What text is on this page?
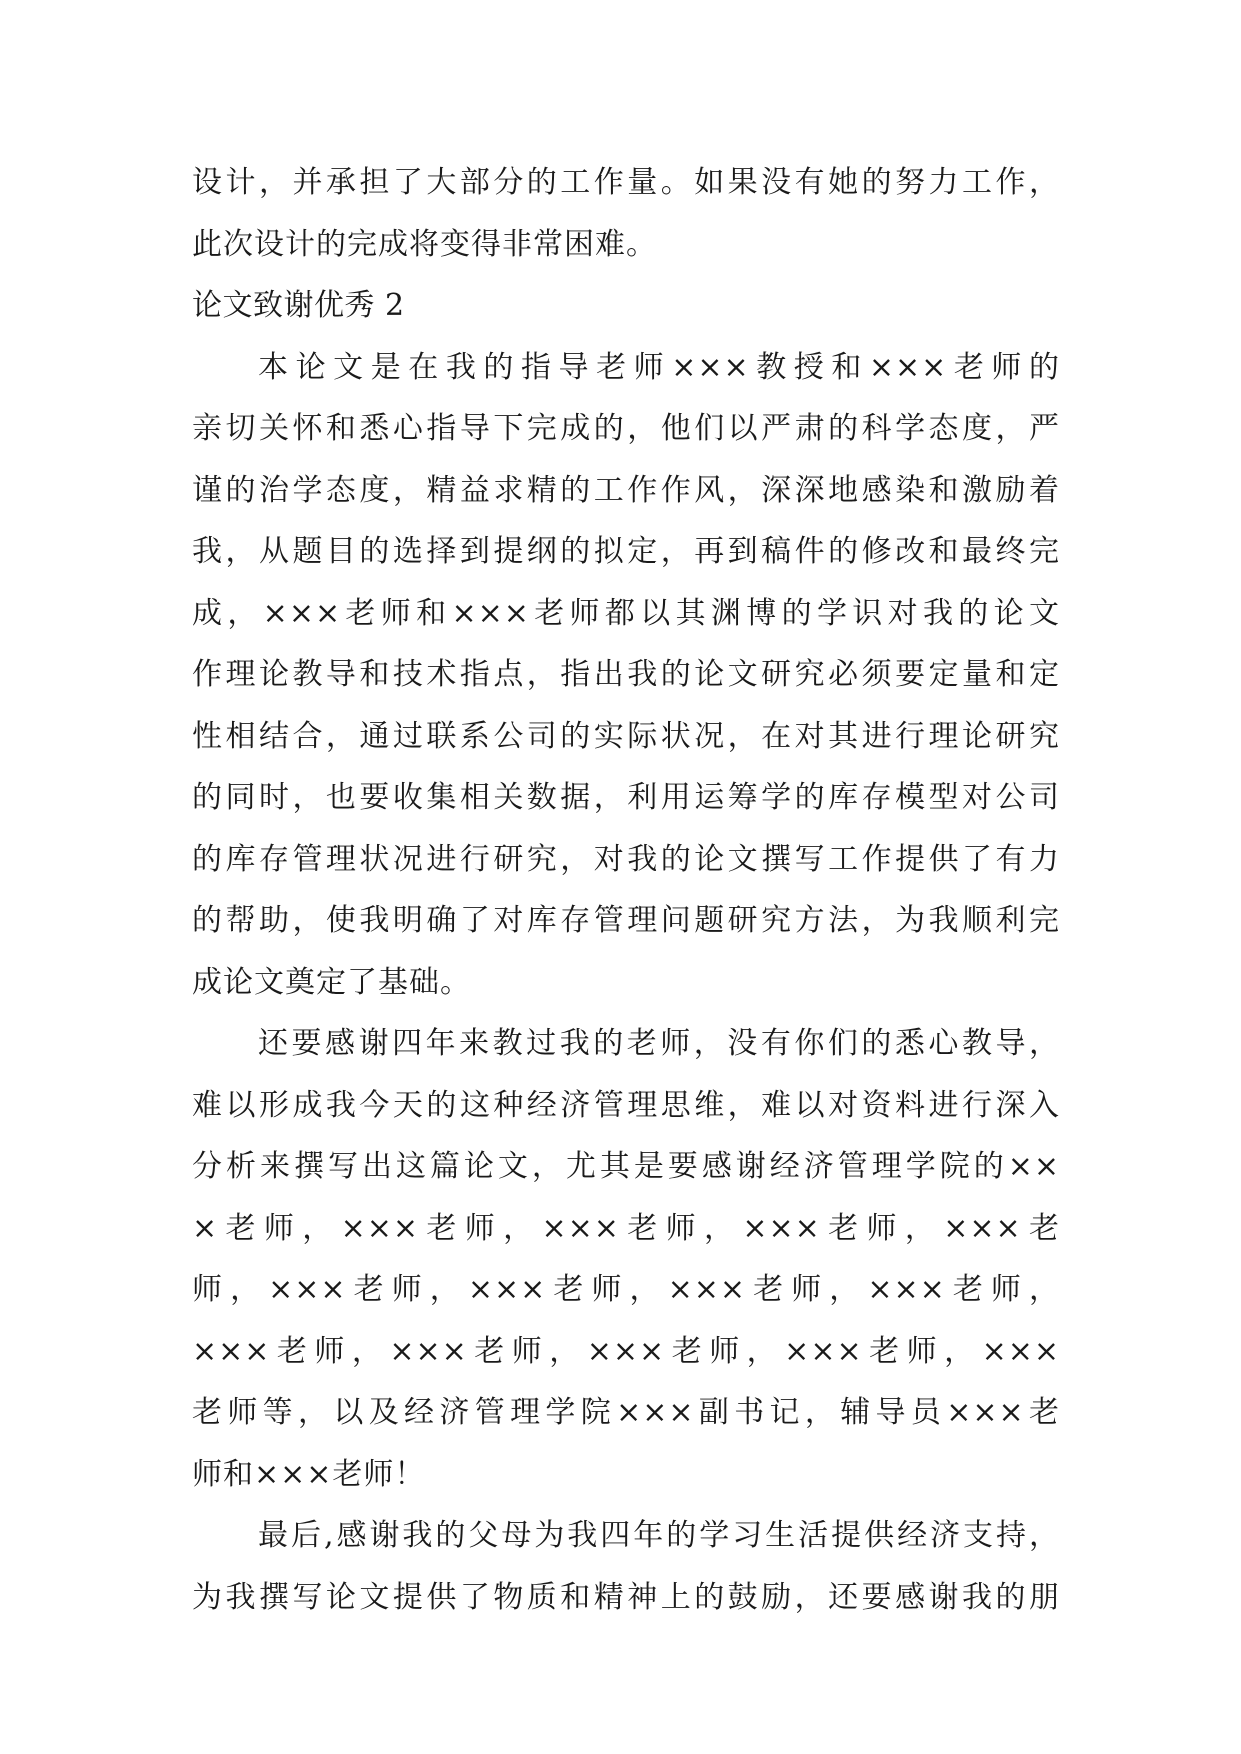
设计，并承担了大部分的工作量。如果没有她的努力工作，
此次设计的完成将变得非常困难。
论文致谢优秀 2
本论文是在我的指导老师×××教授和×××老师的
亲切关怀和悉心指导下完成的，他们以严肃的科学态度，严
谨的治学态度，精益求精的工作作风，深深地感染和激励着
我，从题目的选择到提纲的拟定，再到稿件的修改和最终完
成，×××老师和×××老师都以其渊博的学识对我的论文
作理论教导和技术指点，指出我的论文研究必须要定量和定
性相结合，通过联系公司的实际状况，在对其进行理论研究
的同时，也要收集相关数据，利用运筹学的库存模型对公司
的库存管理状况进行研究，对我的论文撰写工作提供了有力
的帮助，使我明确了对库存管理问题研究方法，为我顺利完
成论文奠定了基础。
还要感谢四年来教过我的老师，没有你们的悉心教导，
难以形成我今天的这种经济管理思维，难以对资料进行深入
分析来撰写出这篇论文，尤其是要感谢经济管理学院的××
×老师，×××老师，×××老师，×××老师，×××老
师，×××老师，×××老师，×××老师，×××老师，
×××老师，×××老师，×××老师，×××老师，×××
老师等，以及经济管理学院×××副书记，辅导员×××老
师和×××老师！
最后,感谢我的父母为我四年的学习生活提供经济支持，
为我撰写论文提供了物质和精神上的鼓励，还要感谢我的朋
